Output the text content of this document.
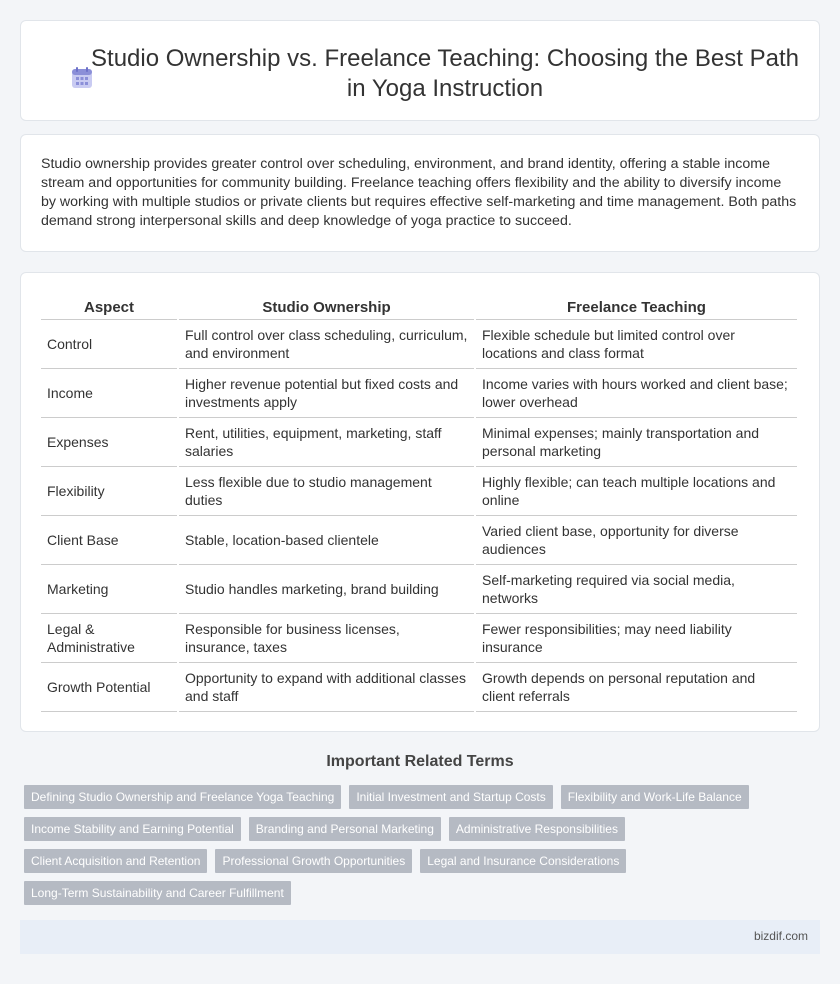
Studio Ownership vs. Freelance Teaching: Choosing the Best Path in Yoga Instruction

Studio ownership provides greater control over scheduling, environment, and brand identity, offering a stable income stream and opportunities for community building. Freelance teaching offers flexibility and the ability to diversify income by working with multiple studios or private clients but requires effective self-marketing and time management. Both paths demand strong interpersonal skills and deep knowledge of yoga practice to succeed.

Aspect	Studio Ownership	Freelance Teaching
Control	Full control over class scheduling, curriculum, and environment	Flexible schedule but limited control over locations and class format
Income	Higher revenue potential but fixed costs and investments apply	Income varies with hours worked and client base; lower overhead
Expenses	Rent, utilities, equipment, marketing, staff salaries	Minimal expenses; mainly transportation and personal marketing
Flexibility	Less flexible due to studio management duties	Highly flexible; can teach multiple locations and online
Client Base	Stable, location-based clientele	Varied client base, opportunity for diverse audiences
Marketing	Studio handles marketing, brand building	Self-marketing required via social media, networks
Legal & Administrative	Responsible for business licenses, insurance, taxes	Fewer responsibilities; may need liability insurance
Growth Potential	Opportunity to expand with additional classes and staff	Growth depends on personal reputation and client referrals
Important Related Terms
Defining Studio Ownership and Freelance Yoga Teaching	Initial Investment and Startup Costs	Flexibility and Work-Life Balance
Income Stability and Earning Potential	Branding and Personal Marketing	Administrative Responsibilities
Client Acquisition and Retention	Professional Growth Opportunities	Legal and Insurance Considerations
Long-Term Sustainability and Career Fulfillment
bizdif.com
